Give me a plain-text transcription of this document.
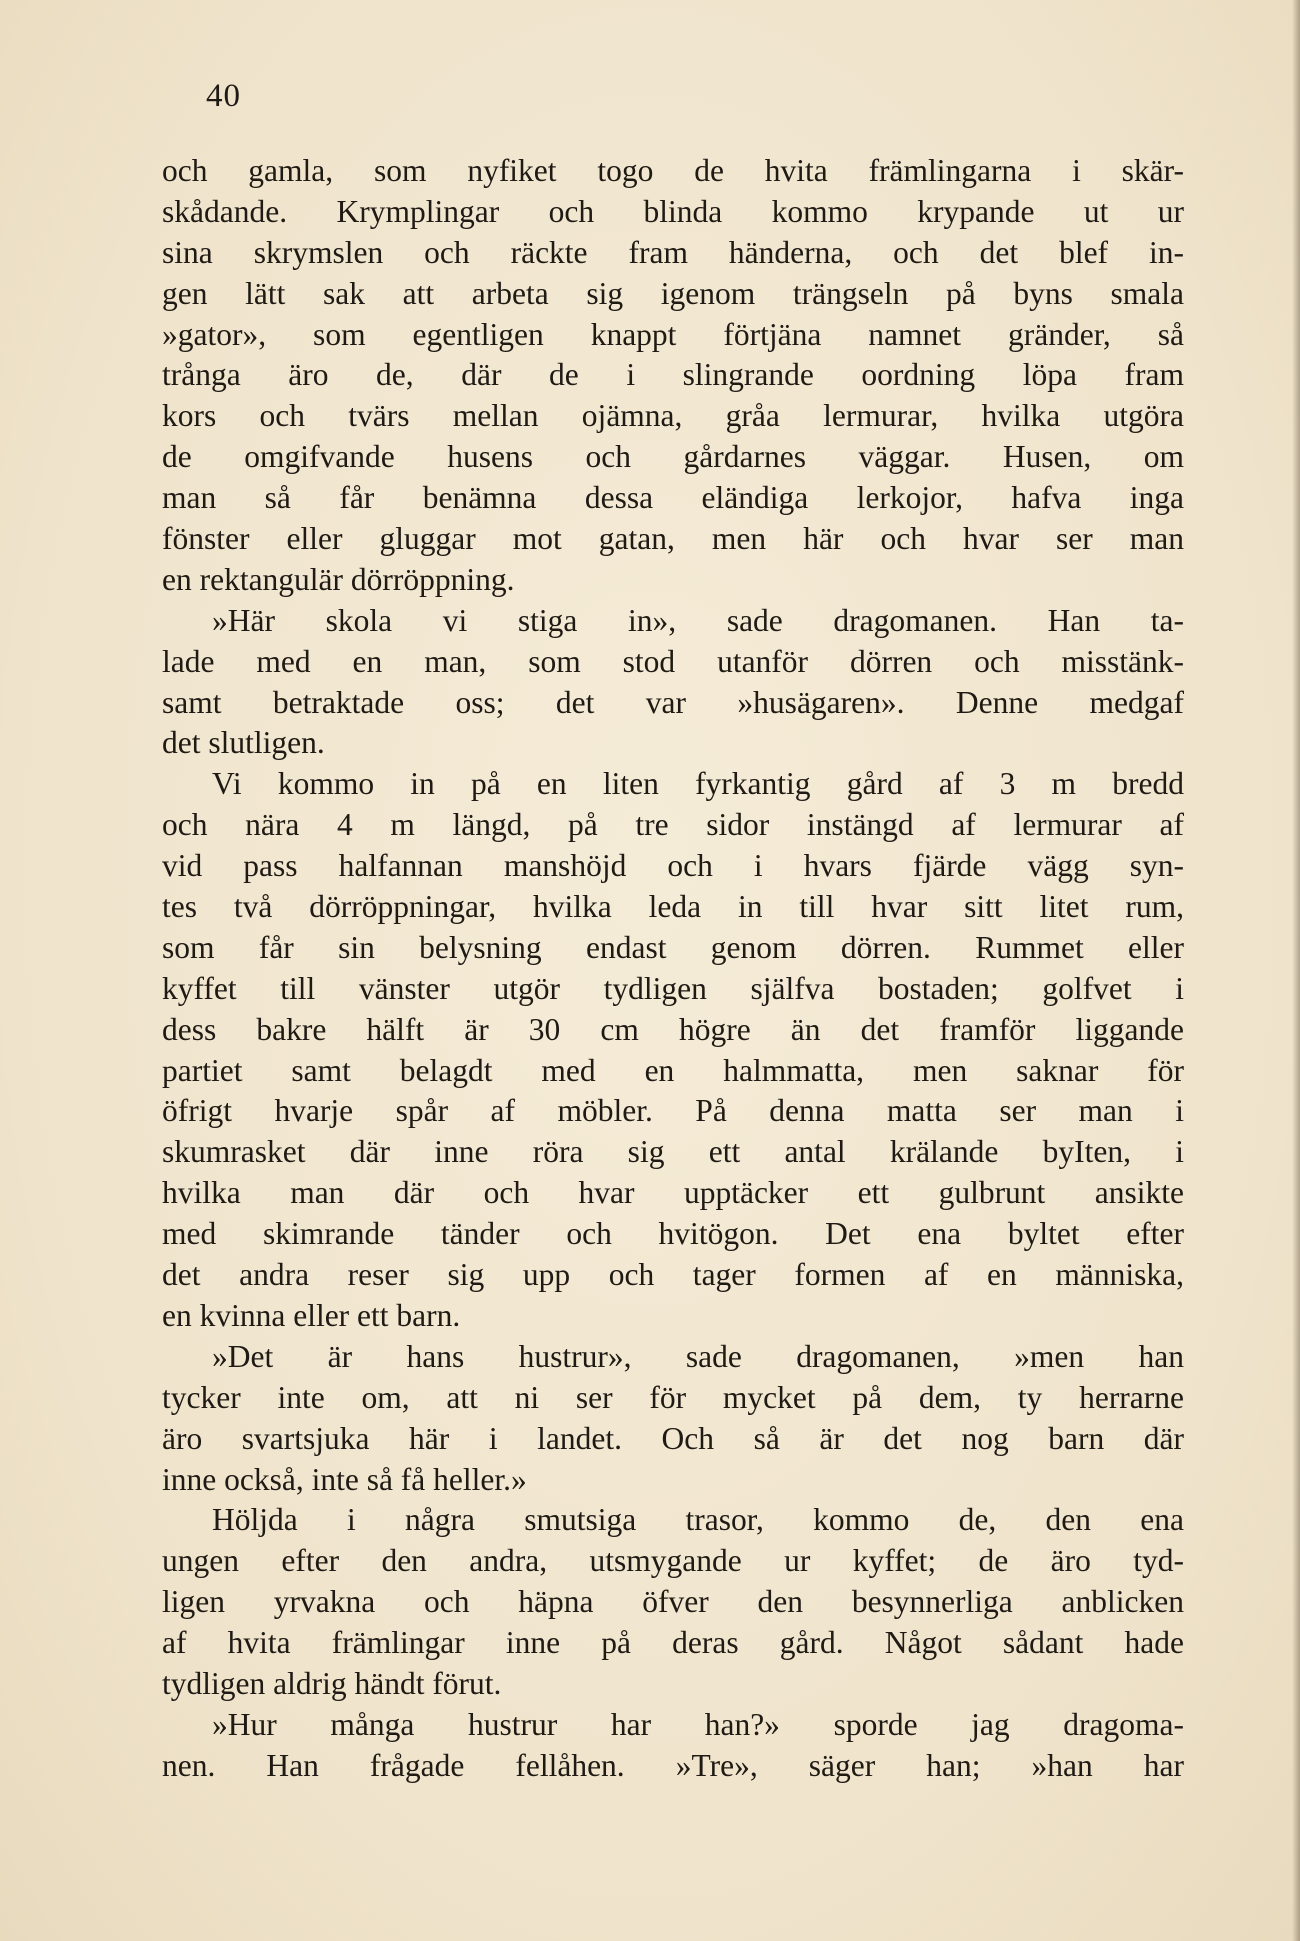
40
och gamla, som nyfiket togo de hvita främlingarna i skär-
skådande. Krymplingar och blinda kommo krypande ut ur
sina skrymslen och räckte fram händerna, och det blef in-
gen lätt sak att arbeta sig igenom trängseln på byns smala
»gator», som egentligen knappt förtjäna namnet gränder, så
trånga äro de, där de i slingrande oordning löpa fram
kors och tvärs mellan ojämna, gråa lermurar, hvilka utgöra
de omgifvande husens och gårdarnes väggar. Husen, om
man så får benämna dessa eländiga lerkojor, hafva inga
fönster eller gluggar mot gatan, men här och hvar ser man
en rektangulär dörröppning.
»Här skola vi stiga in», sade dragomanen. Han ta-
lade med en man, som stod utanför dörren och misstänk-
samt betraktade oss; det var »husägaren». Denne medgaf
det slutligen.
Vi kommo in på en liten fyrkantig gård af 3 m bredd
och nära 4 m längd, på tre sidor instängd af lermurar af
vid pass halfannan manshöjd och i hvars fjärde vägg syn-
tes två dörröppningar, hvilka leda in till hvar sitt litet rum,
som får sin belysning endast genom dörren. Rummet eller
kyffet till vänster utgör tydligen själfva bostaden; golfvet i
dess bakre hälft är 30 cm högre än det framför liggande
partiet samt belagdt med en halmmatta, men saknar för
öfrigt hvarje spår af möbler. På denna matta ser man i
skumrasket där inne röra sig ett antal krälande byIten, i
hvilka man där och hvar upptäcker ett gulbrunt ansikte
med skimrande tänder och hvitögon. Det ena byltet efter
det andra reser sig upp och tager formen af en människa,
en kvinna eller ett barn.
»Det är hans hustrur», sade dragomanen, »men han
tycker inte om, att ni ser för mycket på dem, ty herrarne
äro svartsjuka här i landet. Och så är det nog barn där
inne också, inte så få heller.»
Höljda i några smutsiga trasor, kommo de, den ena
ungen efter den andra, utsmygande ur kyffet; de äro tyd-
ligen yrvakna och häpna öfver den besynnerliga anblicken
af hvita främlingar inne på deras gård. Något sådant hade
tydligen aldrig händt förut.
»Hur många hustrur har han?» sporde jag dragoma-
nen. Han frågade fellåhen. »Tre», säger han; »han har
